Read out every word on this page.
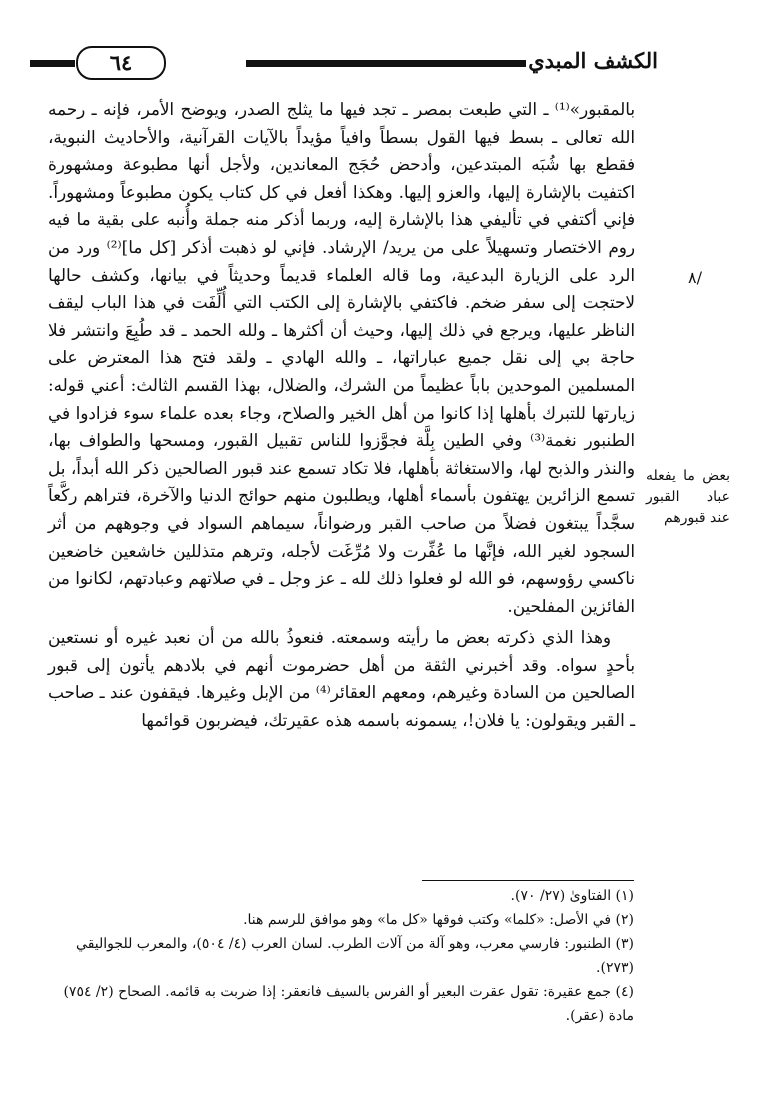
الكشف المبدي
٦٤
٨/
بعض ما يفعله عباد القبور عند قبورهم

بالمقبور»⁽¹⁾ ـ التي طبعت بمصر ـ تجد فيها ما يثلج الصدر، ويوضح الأمر، فإنه ـ رحمه الله تعالى ـ بسط فيها القول بسطاً وافياً مؤيداً بالآيات القرآنية، والأحاديث النبوية، فقطع بها شُبَه المبتدعين، وأدحض حُجَج المعاندين، ولأجل أنها مطبوعة ومشهورة اكتفيت بالإشارة إليها، والعزو إليها. وهكذا أفعل في كل كتاب يكون مطبوعاً ومشهوراً. فإني أكتفي في تأليفي هذا بالإشارة إليه، وربما أذكر منه جملة وأُنبه على بقية ما فيه روم الاختصار وتسهيلاً على من يريد/ الإرشاد. فإني لو ذهبت أذكر [كل ما]⁽²⁾ ورد من الرد على الزيارة البدعية، وما قاله العلماء قديماً وحديثاً في بيانها، وكشف حالها لاحتجت إلى سفر ضخم. فاكتفي بالإشارة إلى الكتب التي أُلِّفَت في هذا الباب ليقف الناظر عليها، ويرجع في ذلك إليها، وحيث أن أكثرها ـ ولله الحمد ـ قد طُبِعَ وانتشر فلا حاجة بي إلى نقل جميع عباراتها، ـ والله الهادي ـ ولقد فتح هذا المعترض على المسلمين الموحدين باباً عظيماً من الشرك، والضلال، بهذا القسم الثالث: أعني قوله: زيارتها للتبرك بأهلها إذا كانوا من أهل الخير والصلاح، وجاء بعده علماء سوء فزادوا في الطنبور نغمة⁽³⁾ وفي الطين بِلَّة فجوَّزوا للناس تقبيل القبور، ومسحها والطواف بها، والنذر والذبح لها، والاستغاثة بأهلها، فلا تكاد تسمع عند قبور الصالحين ذكر الله أبداً، بل تسمع الزائرين يهتفون بأسماء أهلها، ويطلبون منهم حوائج الدنيا والآخرة، فتراهم ركَّعاً سجَّداً يبتغون فضلاً من صاحب القبر ورضواناً، سيماهم السواد في وجوههم من أثر السجود لغير الله، فإنَّها ما عُفِّرت ولا مُرِّغَت لأجله، وترهم متذللين خاشعين خاضعين ناكسي رؤوسهم، فو الله لو فعلوا ذلك لله ـ عز وجل ـ في صلاتهم وعبادتهم، لكانوا من الفائزين المفلحين.

وهذا الذي ذكرته بعض ما رأيته وسمعته. فنعوذُ بالله من أن نعبد غيره أو نستعين بأحدٍ سواه. وقد أخبرني الثقة من أهل حضرموت أنهم في بلادهم يأتون إلى قبور الصالحين من السادة وغيرهم، ومعهم العقائر⁽⁴⁾ من الإبل وغيرها. فيقفون عند ـ صاحب ـ القبر ويقولون: يا فلان!، يسمونه باسمه هذه عقيرتك، فيضربون قوائمها

(١) الفتاوىٰ (٢٧/ ٧٠).

(٢) في الأصل: «كلما» وكتب فوقها «كل ما» وهو موافق للرسم هنا.

(٣) الطنبور: فارسي معرب، وهو آلة من آلات الطرب. لسان العرب (٤/ ٥٠٤)، والمعرب للجواليقي (٢٧٣).

(٤) جمع عقيرة: تقول عقرت البعير أو الفرس بالسيف فانعقر: إذا ضربت به قائمه. الصحاح (٢/ ٧٥٤) مادة (عقر).
